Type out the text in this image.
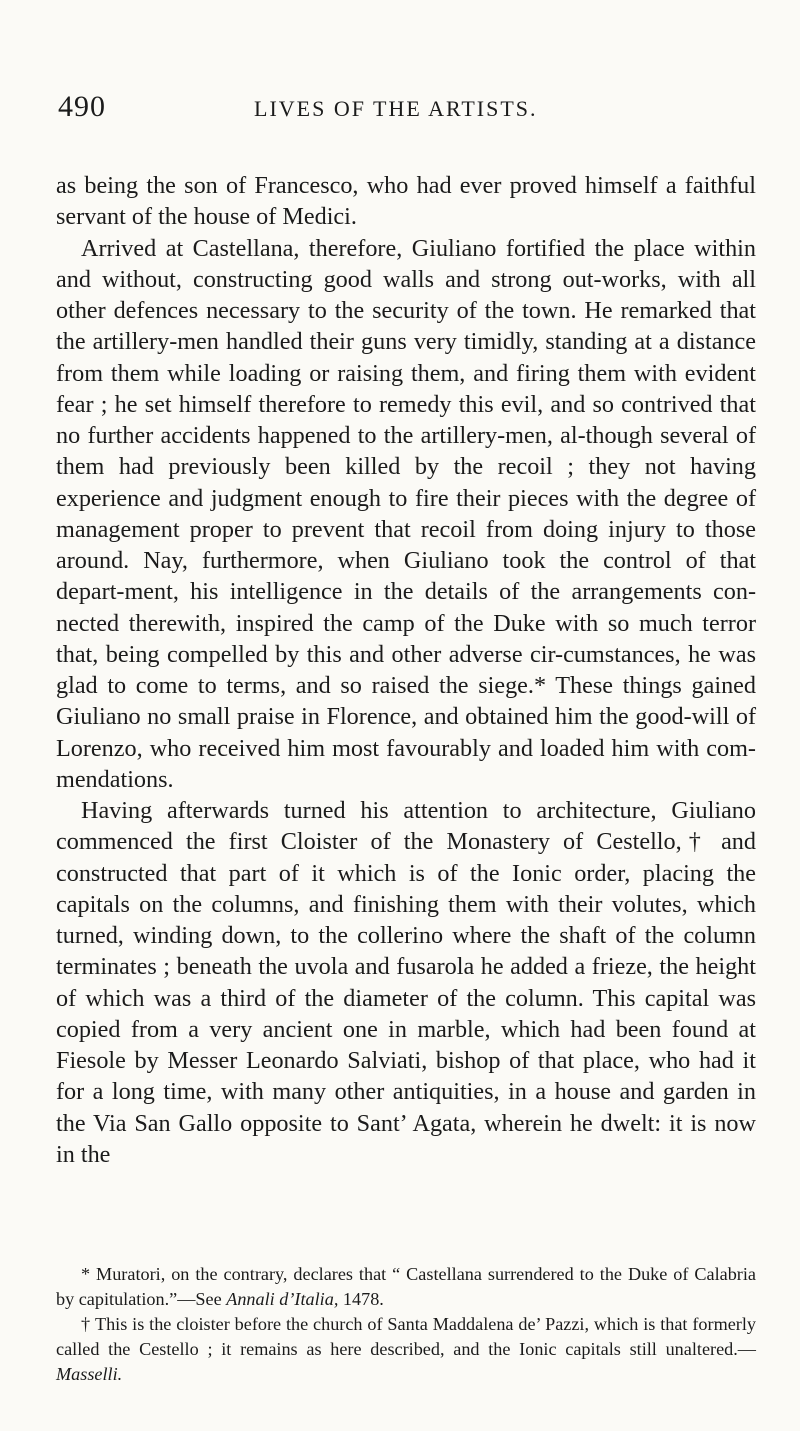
490	LIVES OF THE ARTISTS.

as being the son of Francesco, who had ever proved himself a faithful servant of the house of Medici.

Arrived at Castellana, therefore, Giuliano fortified the place within and without, constructing good walls and strong out-works, with all other defences necessary to the security of the town. He remarked that the artillery-men handled their guns very timidly, standing at a distance from them while loading or raising them, and firing them with evident fear ; he set himself therefore to remedy this evil, and so contrived that no further accidents happened to the artillery-men, al-though several of them had previously been killed by the recoil ; they not having experience and judgment enough to fire their pieces with the degree of management proper to prevent that recoil from doing injury to those around. Nay, furthermore, when Giuliano took the control of that depart-ment, his intelligence in the details of the arrangements con-nected therewith, inspired the camp of the Duke with so much terror that, being compelled by this and other adverse cir-cumstances, he was glad to come to terms, and so raised the siege.* These things gained Giuliano no small praise in Florence, and obtained him the good-will of Lorenzo, who received him most favourably and loaded him with com-mendations.

Having afterwards turned his attention to architecture, Giuliano commenced the first Cloister of the Monastery of Cestello,† and constructed that part of it which is of the Ionic order, placing the capitals on the columns, and finishing them with their volutes, which turned, winding down, to the collerino where the shaft of the column terminates ; beneath the uvola and fusarola he added a frieze, the height of which was a third of the diameter of the column. This capital was copied from a very ancient one in marble, which had been found at Fiesole by Messer Leonardo Salviati, bishop of that place, who had it for a long time, with many other antiquities, in a house and garden in the Via San Gallo opposite to Sant’ Agata, wherein he dwelt: it is now in the

* Muratori, on the contrary, declares that “ Castellana surrendered to the Duke of Calabria by capitulation.”—See Annali d’Italia, 1478.

† This is the cloister before the church of Santa Maddalena de’ Pazzi, which is that formerly called the Cestello ; it remains as here described, and the Ionic capitals still unaltered.—Masselli.
